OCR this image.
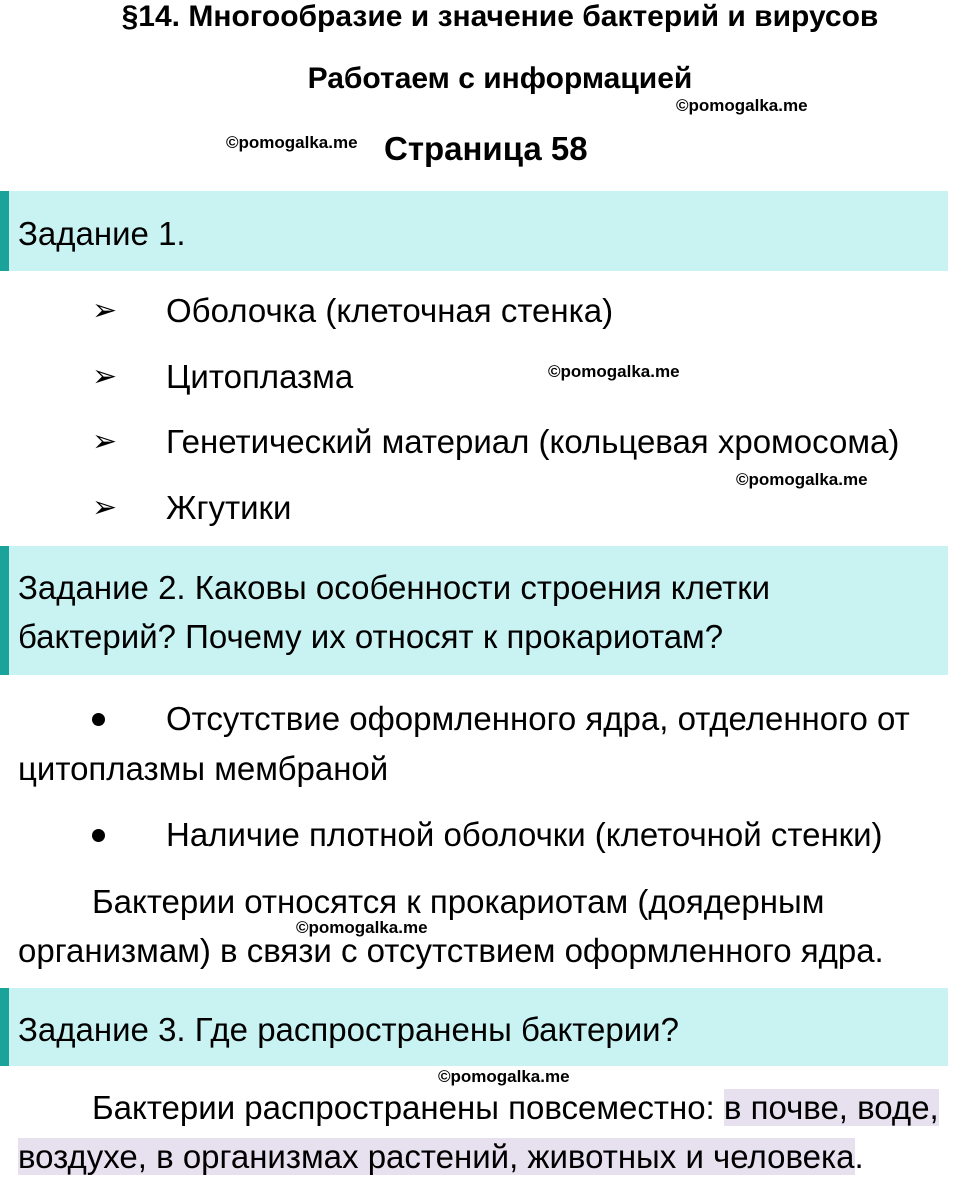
§14. Многообразие и значение бактерий и вирусов
Работаем с информацией
©pomogalka.me
©pomogalka.me Страница 58
Задание 1.
➢ Оболочка (клеточная стенка)
➢ Цитоплазма	©pomogalka.me
➢ Генетический материал (кольцевая хромосома)
©pomogalka.me
➢ Жгутики
Задание 2. Каковы особенности строения клетки
бактерий? Почему их относят к прокариотам?
Отсутствие оформленного ядра, отделенного от
цитоплазмы мембраной
Наличие плотной оболочки (клеточной стенки)
Бактерии относятся к прокариотам (доядерным
©pomogalka.me
организмам) в связи с отсутствием оформленного ядра.
Задание 3. Где распространены бактерии?
©pomogalka.me
Бактерии распространены повсеместно: в почве, воде,
воздухе, в организмах растений, животных и человека.
